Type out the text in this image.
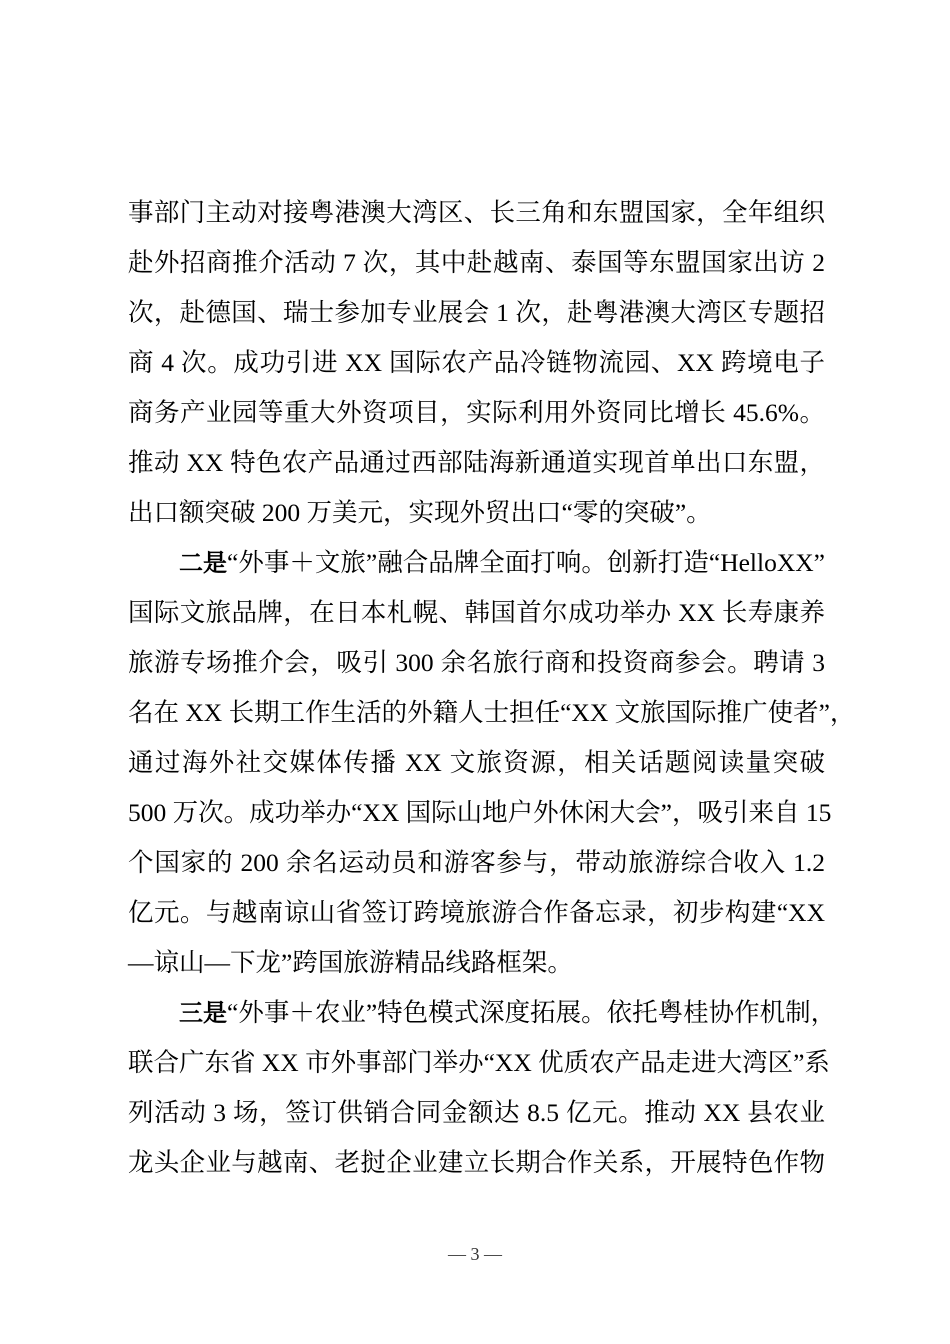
事部门主动对接粤港澳大湾区、长三角和东盟国家，全年组织
赴外招商推介活动 7 次，其中赴越南、泰国等东盟国家出访 2
次，赴德国、瑞士参加专业展会 1 次，赴粤港澳大湾区专题招
商 4 次。成功引进 XX 国际农产品冷链物流园、XX 跨境电子
商务产业园等重大外资项目，实际利用外资同比增长 45.6%。
推动 XX 特色农产品通过西部陆海新通道实现首单出口东盟，
出口额突破 200 万美元，实现外贸出口“零的突破”。
二是“外事＋文旅”融合品牌全面打响。创新打造“HelloXX”
国际文旅品牌，在日本札幌、韩国首尔成功举办 XX 长寿康养
旅游专场推介会，吸引 300 余名旅行商和投资商参会。聘请 3
名在 XX 长期工作生活的外籍人士担任“XX 文旅国际推广使者”，
通过海外社交媒体传播 XX 文旅资源，相关话题阅读量突破
500 万次。成功举办“XX 国际山地户外休闲大会”，吸引来自 15
个国家的 200 余名运动员和游客参与，带动旅游综合收入 1.2
亿元。与越南谅山省签订跨境旅游合作备忘录，初步构建“XX
—谅山—下龙”跨国旅游精品线路框架。
三是“外事＋农业”特色模式深度拓展。依托粤桂协作机制，
联合广东省 XX 市外事部门举办“XX 优质农产品走进大湾区”系
列活动 3 场，签订供销合同金额达 8.5 亿元。推动 XX 县农业
龙头企业与越南、老挝企业建立长期合作关系，开展特色作物
— 3 —
